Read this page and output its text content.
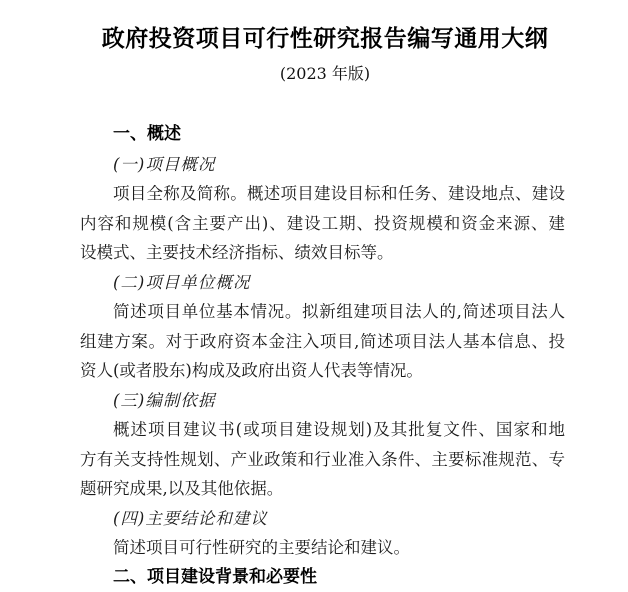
政府投资项目可行性研究报告编写通用大纲
(2023 年版)
一、概述
(一)项目概况
项目全称及简称。概述项目建设目标和任务、建设地点、建设
内容和规模(含主要产出)、建设工期、投资规模和资金来源、建
设模式、主要技术经济指标、绩效目标等。
(二)项目单位概况
简述项目单位基本情况。拟新组建项目法人的,简述项目法人
组建方案。对于政府资本金注入项目,简述项目法人基本信息、投
资人(或者股东)构成及政府出资人代表等情况。
(三)编制依据
概述项目建议书(或项目建设规划)及其批复文件、国家和地
方有关支持性规划、产业政策和行业准入条件、主要标准规范、专
题研究成果,以及其他依据。
(四)主要结论和建议
简述项目可行性研究的主要结论和建议。
二、项目建设背景和必要性
